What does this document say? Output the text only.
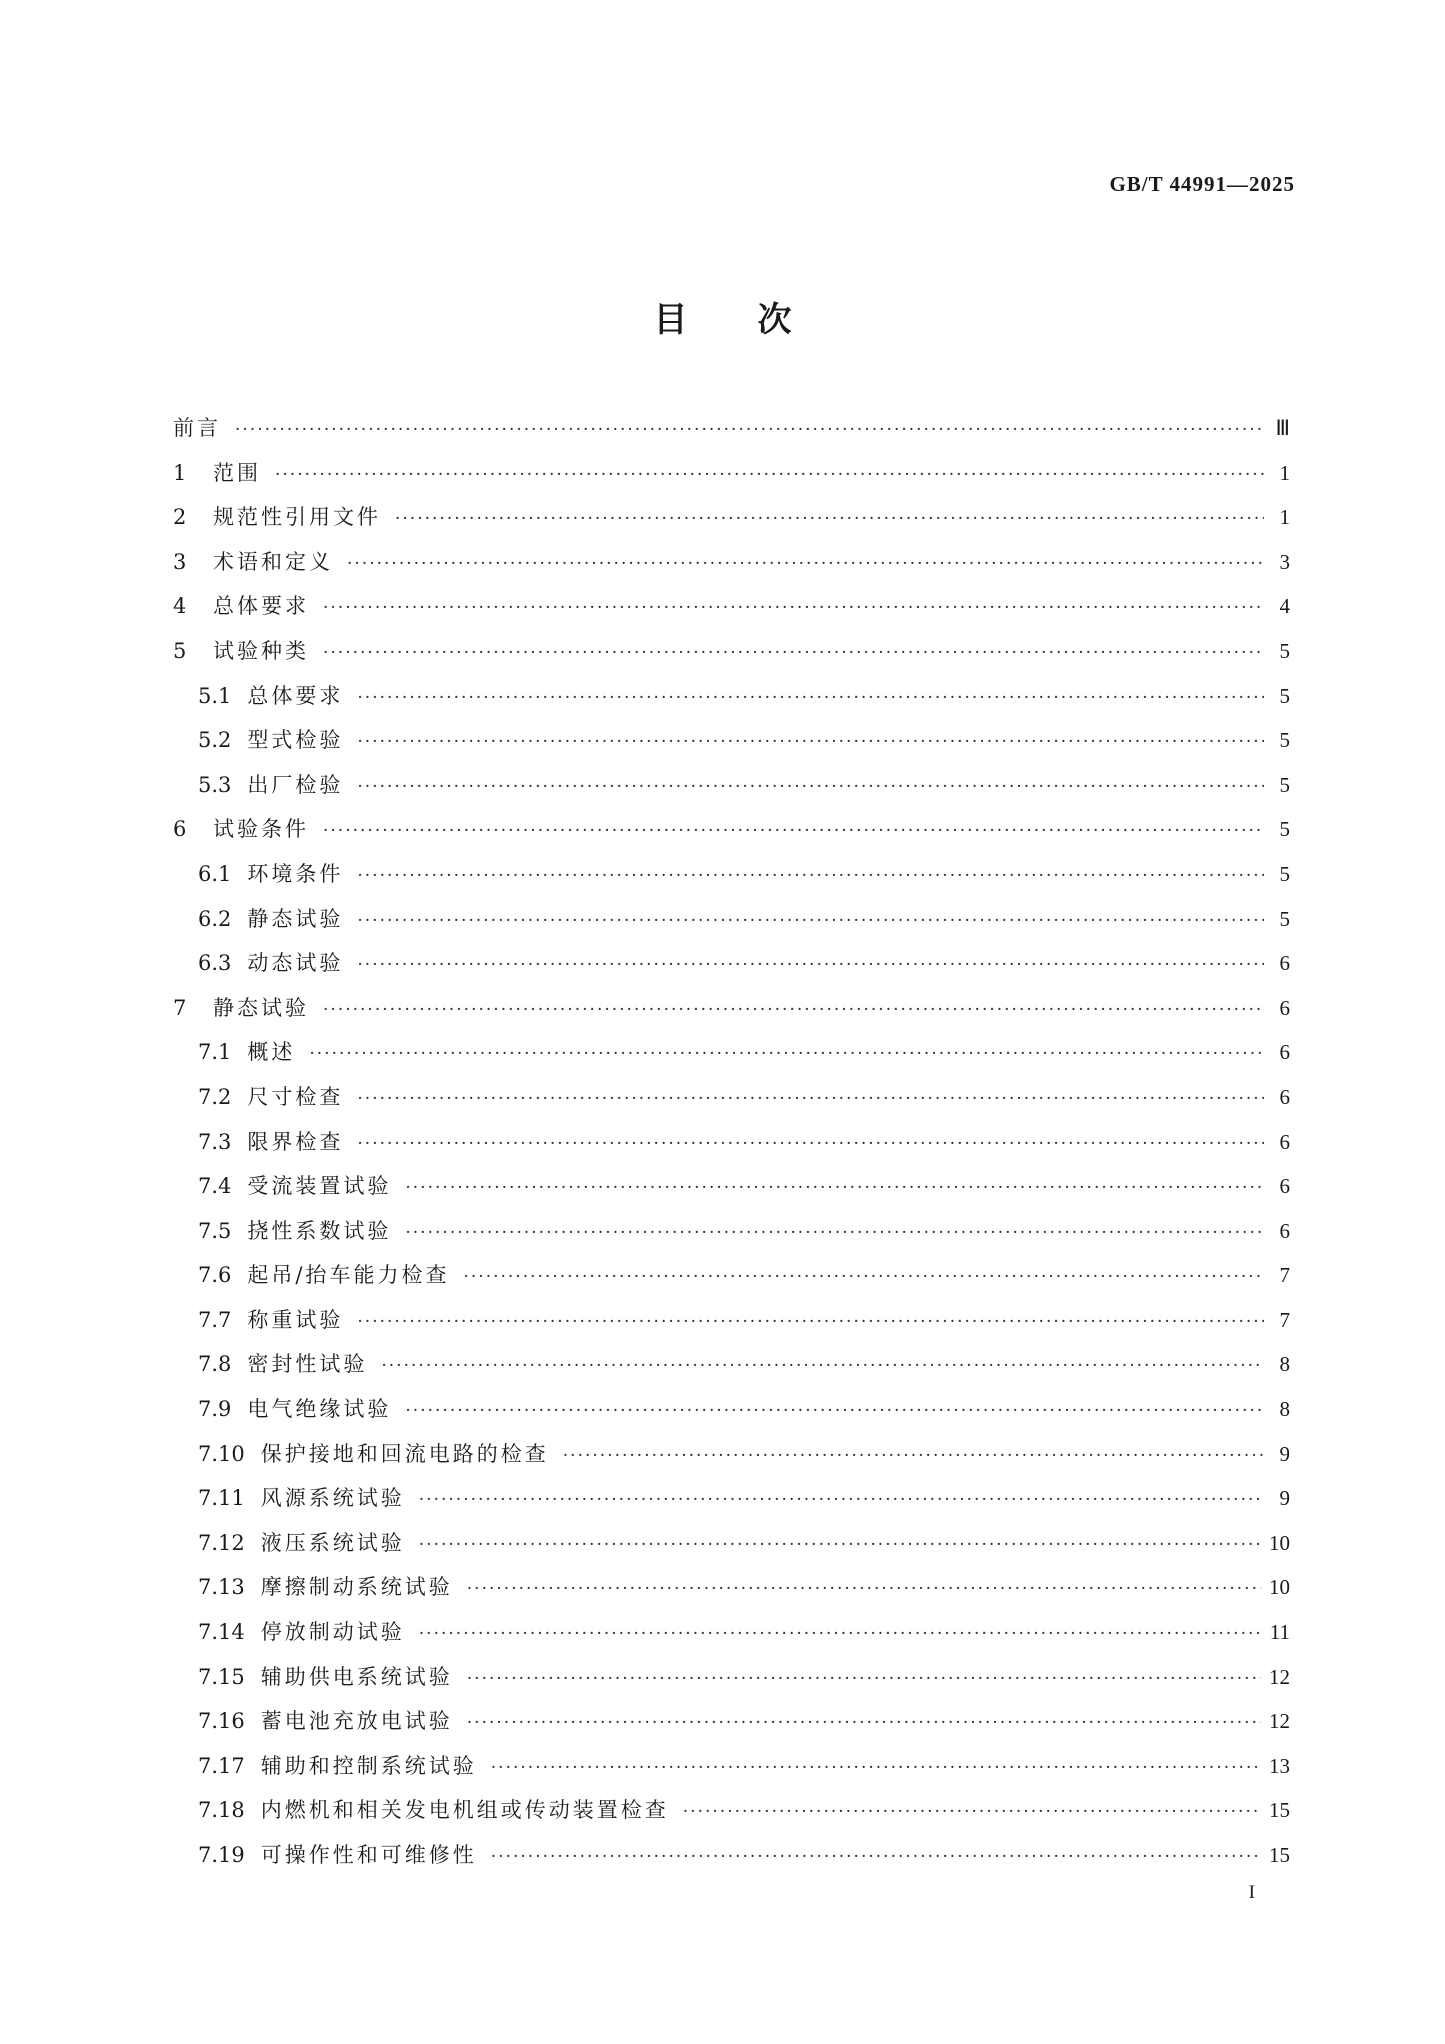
GB/T 44991—2025
目 次
前言 ·····	Ⅲ
1	范围 ·····	1
2	规范性引用文件 ·····	1
3	术语和定义 ·····	3
4	总体要求 ·····	4
5	试验种类 ·····	5
5.1 总体要求 ·····	5
5.2 型式检验 ·····	5
5.3 出厂检验 ·····	5
6	试验条件 ·····	5
6.1 环境条件 ·····	5
6.2 静态试验 ·····	5
6.3 动态试验 ·····	6
7	静态试验 ·····	6
7.1 概述 ·····	6
7.2 尺寸检查 ·····	6
7.3 限界检查 ·····	6
7.4 受流装置试验 ·····	6
7.5 挠性系数试验 ·····	6
7.6 起吊/抬车能力检查 ·····	7
7.7 称重试验 ·····	7
7.8 密封性试验 ·····	8
7.9 电气绝缘试验 ·····	8
7.10 保护接地和回流电路的检查 ·····	9
7.11 风源系统试验 ·····	9
7.12 液压系统试验 ·····	10
7.13 摩擦制动系统试验 ·····	10
7.14 停放制动试验 ·····	11
7.15 辅助供电系统试验 ·····	12
7.16 蓄电池充放电试验 ·····	12
7.17 辅助和控制系统试验 ·····	13
7.18 内燃机和相关发电机组或传动装置检查 ·····	15
7.19 可操作性和可维修性 ·····	15
I
